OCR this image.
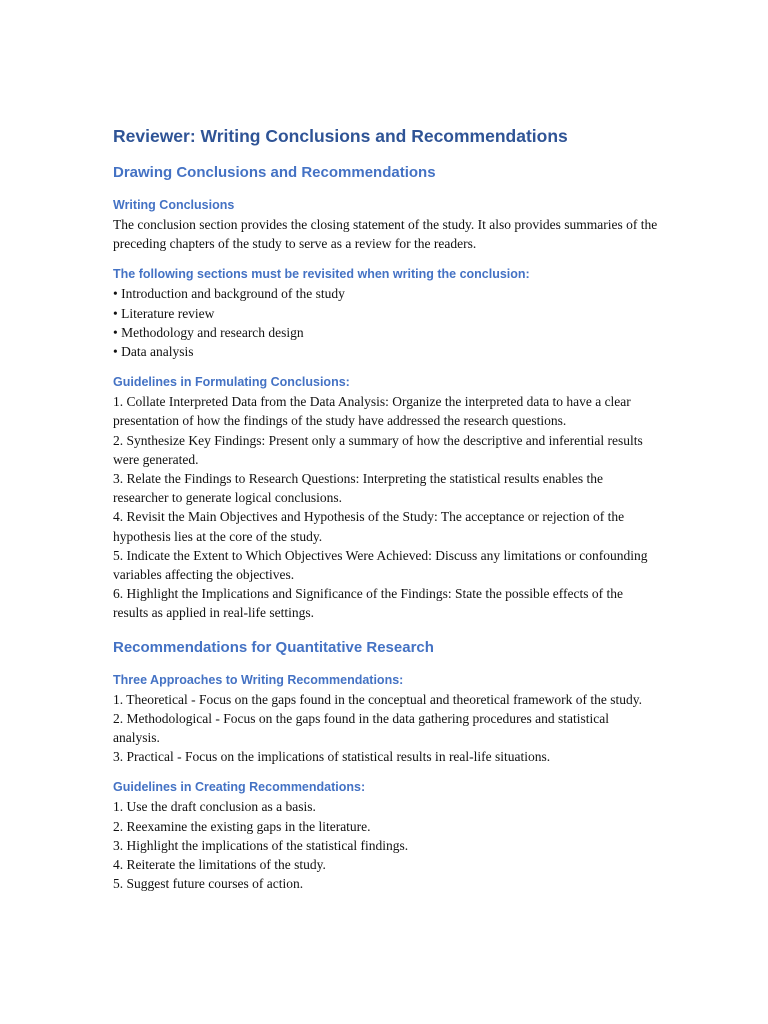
Reviewer: Writing Conclusions and Recommendations
Drawing Conclusions and Recommendations
Writing Conclusions

The conclusion section provides the closing statement of the study. It also provides summaries of the preceding chapters of the study to serve as a review for the readers.

The following sections must be revisited when writing the conclusion:
• Introduction and background of the study
• Literature review
• Methodology and research design
• Data analysis
Guidelines in Formulating Conclusions:
1. Collate Interpreted Data from the Data Analysis: Organize the interpreted data to have a clear presentation of how the findings of the study have addressed the research questions.
2. Synthesize Key Findings: Present only a summary of how the descriptive and inferential results were generated.
3. Relate the Findings to Research Questions: Interpreting the statistical results enables the researcher to generate logical conclusions.
4. Revisit the Main Objectives and Hypothesis of the Study: The acceptance or rejection of the hypothesis lies at the core of the study.
5. Indicate the Extent to Which Objectives Were Achieved: Discuss any limitations or confounding variables affecting the objectives.
6. Highlight the Implications and Significance of the Findings: State the possible effects of the results as applied in real-life settings.
Recommendations for Quantitative Research
Three Approaches to Writing Recommendations:
1. Theoretical - Focus on the gaps found in the conceptual and theoretical framework of the study.
2. Methodological - Focus on the gaps found in the data gathering procedures and statistical analysis.
3. Practical - Focus on the implications of statistical results in real-life situations.
Guidelines in Creating Recommendations:
1. Use the draft conclusion as a basis.
2. Reexamine the existing gaps in the literature.
3. Highlight the implications of the statistical findings.
4. Reiterate the limitations of the study.
5. Suggest future courses of action.
